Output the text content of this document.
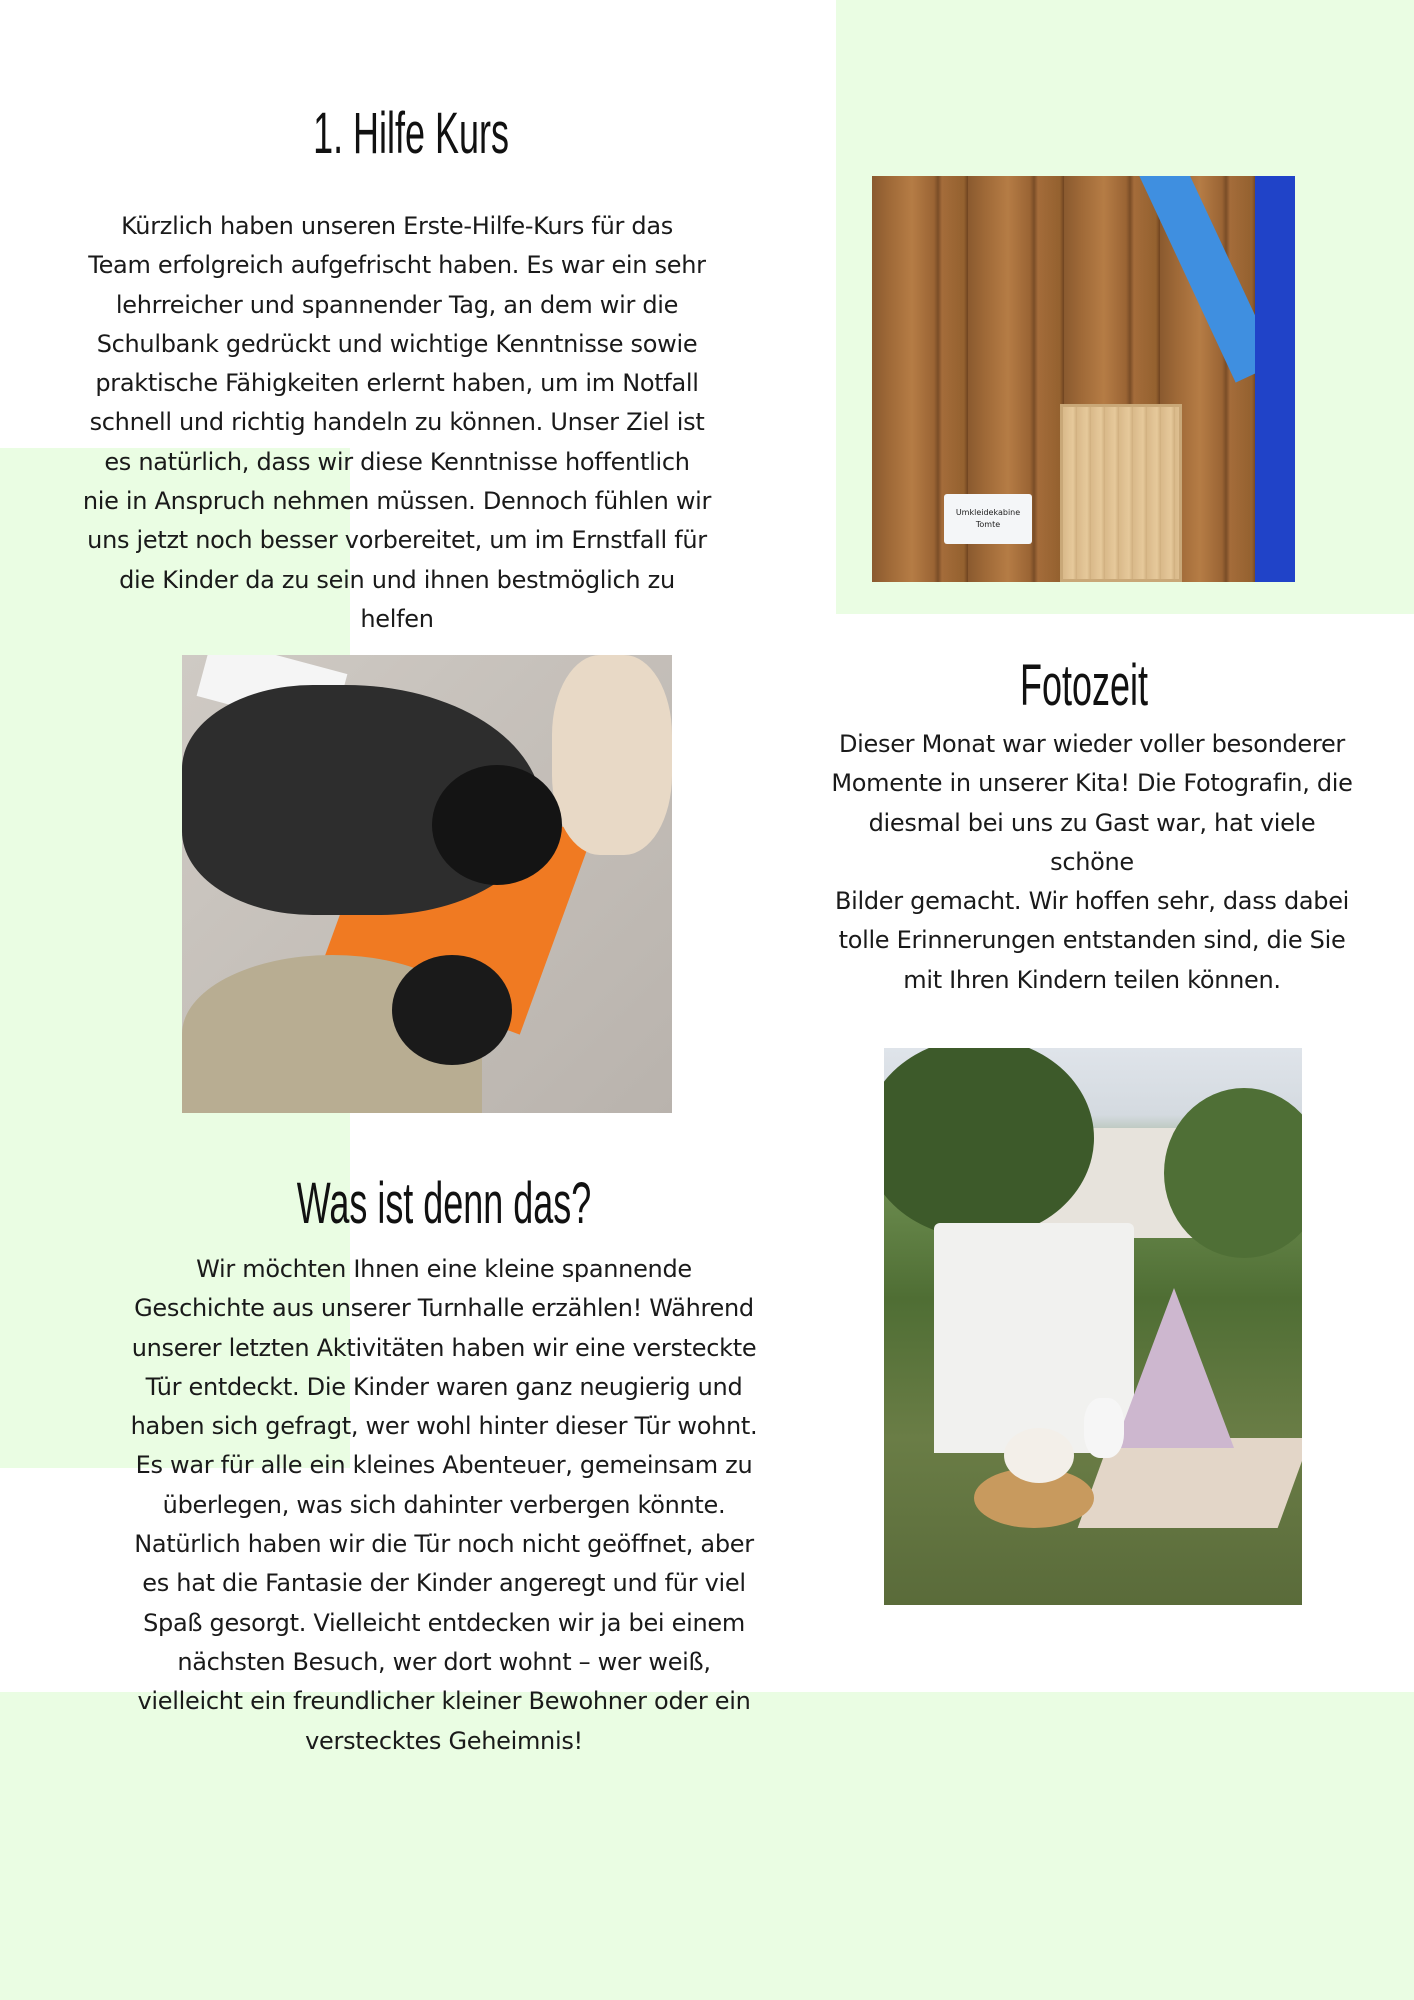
1. Hilfe Kurs
Kürzlich haben unseren Erste-Hilfe-Kurs für das
Team erfolgreich aufgefrischt haben. Es war ein sehr
lehrreicher und spannender Tag, an dem wir die
Schulbank gedrückt und wichtige Kenntnisse sowie
praktische Fähigkeiten erlernt haben, um im Notfall
schnell und richtig handeln zu können. Unser Ziel ist
es natürlich, dass wir diese Kenntnisse hoffentlich
nie in Anspruch nehmen müssen. Dennoch fühlen wir
uns jetzt noch besser vorbereitet, um im Ernstfall für
die Kinder da zu sein und ihnen bestmöglich zu helfen
Umkleidekabine
Tomte
Fotozeit
Dieser Monat war wieder voller besonderer
Momente in unserer Kita! Die Fotografin, die
diesmal bei uns zu Gast war, hat viele schöne
Bilder gemacht. Wir hoffen sehr, dass dabei
tolle Erinnerungen entstanden sind, die Sie
mit Ihren Kindern teilen können.
Was ist denn das?
Wir möchten Ihnen eine kleine spannende
Geschichte aus unserer Turnhalle erzählen! Während
unserer letzten Aktivitäten haben wir eine versteckte
Tür entdeckt. Die Kinder waren ganz neugierig und
haben sich gefragt, wer wohl hinter dieser Tür wohnt.
Es war für alle ein kleines Abenteuer, gemeinsam zu
überlegen, was sich dahinter verbergen könnte.
Natürlich haben wir die Tür noch nicht geöffnet, aber
es hat die Fantasie der Kinder angeregt und für viel
Spaß gesorgt. Vielleicht entdecken wir ja bei einem
nächsten Besuch, wer dort wohnt – wer weiß,
vielleicht ein freundlicher kleiner Bewohner oder ein
verstecktes Geheimnis!
